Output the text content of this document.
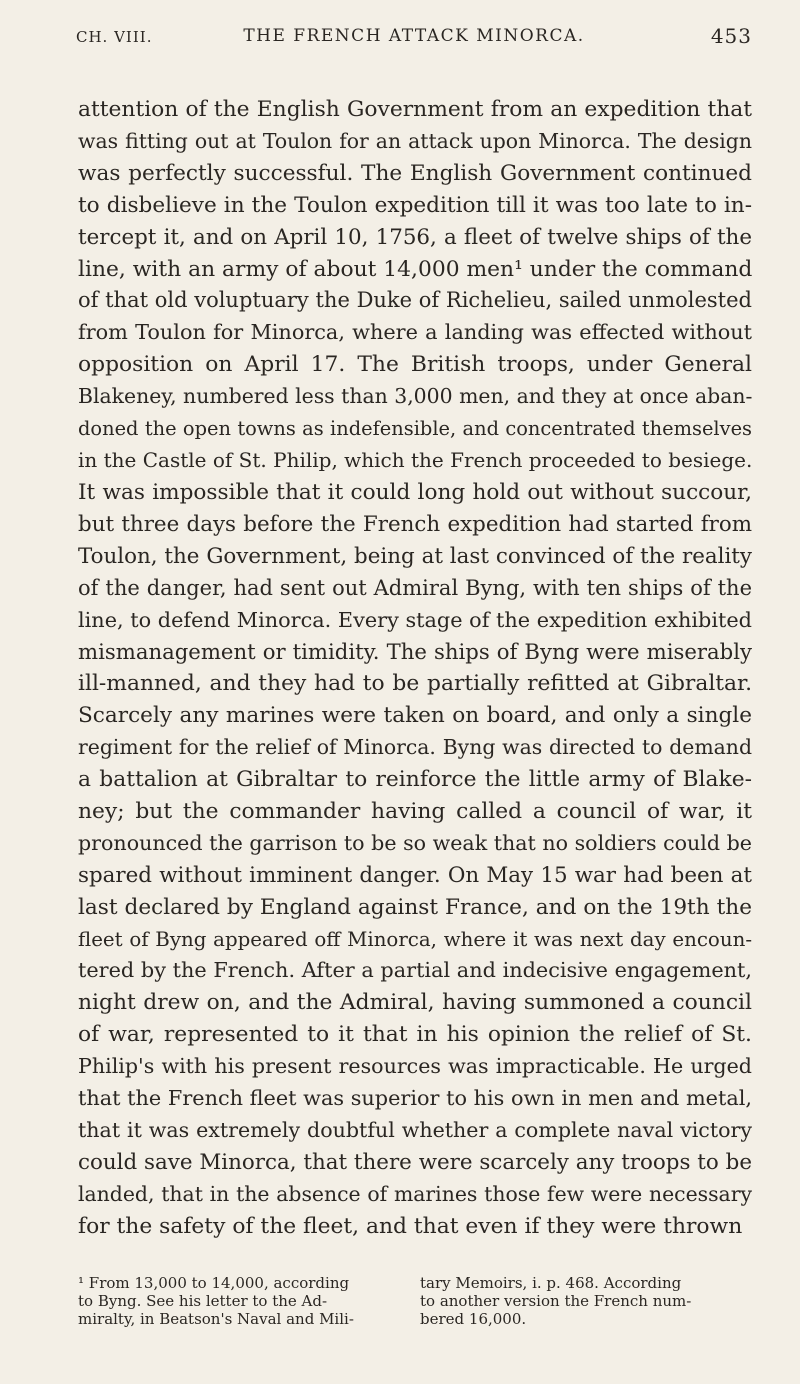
CH. VIII.	THE FRENCH ATTACK MINORCA.	453
attention of the English Government from an expedition that
was fitting out at Toulon for an attack upon Minorca. The design
was perfectly successful. The English Government continued
to disbelieve in the Toulon expedition till it was too late to in-
tercept it, and on April 10, 1756, a fleet of twelve ships of the
line, with an army of about 14,000 men¹ under the command
of that old voluptuary the Duke of Richelieu, sailed unmolested
from Toulon for Minorca, where a landing was effected without
opposition on April 17. The British troops, under General
Blakeney, numbered less than 3,000 men, and they at once aban-
doned the open towns as indefensible, and concentrated themselves
in the Castle of St. Philip, which the French proceeded to besiege.
It was impossible that it could long hold out without succour,
but three days before the French expedition had started from
Toulon, the Government, being at last convinced of the reality
of the danger, had sent out Admiral Byng, with ten ships of the
line, to defend Minorca. Every stage of the expedition exhibited
mismanagement or timidity. The ships of Byng were miserably
ill-manned, and they had to be partially refitted at Gibraltar.
Scarcely any marines were taken on board, and only a single
regiment for the relief of Minorca. Byng was directed to demand
a battalion at Gibraltar to reinforce the little army of Blake-
ney; but the commander having called a council of war, it
pronounced the garrison to be so weak that no soldiers could be
spared without imminent danger. On May 15 war had been at
last declared by England against France, and on the 19th the
fleet of Byng appeared off Minorca, where it was next day encoun-
tered by the French. After a partial and indecisive engagement,
night drew on, and the Admiral, having summoned a council
of war, represented to it that in his opinion the relief of St.
Philip's with his present resources was impracticable. He urged
that the French fleet was superior to his own in men and metal,
that it was extremely doubtful whether a complete naval victory
could save Minorca, that there were scarcely any troops to be
landed, that in the absence of marines those few were necessary
for the safety of the fleet, and that even if they were thrown
¹ From 13,000 to 14,000, according
to Byng. See his letter to the Ad-
miralty, in Beatson's Naval and Mili-
tary Memoirs, i. p. 468. According
to another version the French num-
bered 16,000.
